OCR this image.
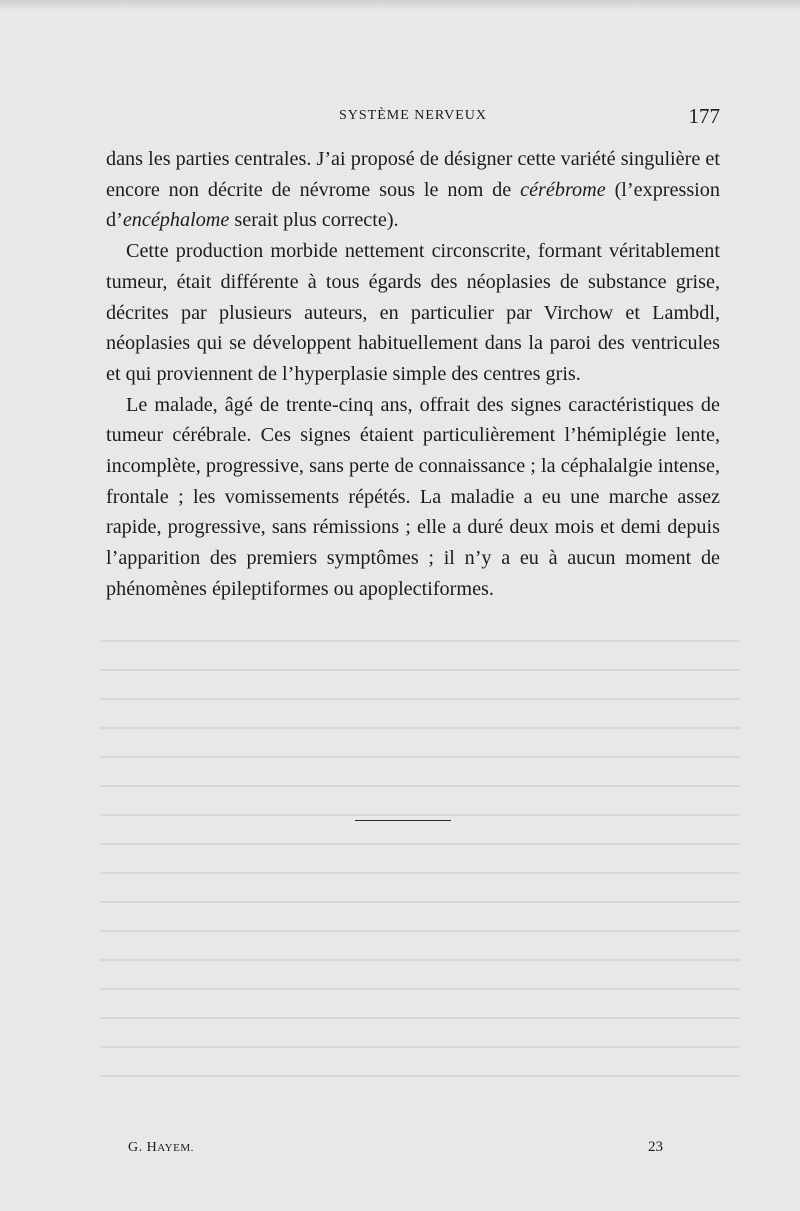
SYSTÈME NERVEUX	177

dans les parties centrales. J’ai proposé de désigner cette variété singulière et encore non décrite de névrome sous le nom de cérébrome (l’expression d’encéphalome serait plus correcte).

Cette production morbide nettement circonscrite, formant véritablement tumeur, était différente à tous égards des néoplasies de substance grise, décrites par plusieurs auteurs, en particulier par Virchow et Lambdl, néoplasies qui se développent habituellement dans la paroi des ventricules et qui proviennent de l’hyperplasie simple des centres gris.

Le malade, âgé de trente-cinq ans, offrait des signes caractéristiques de tumeur cérébrale. Ces signes étaient particulièrement l’hémiplégie lente, incomplète, progressive, sans perte de connaissance ; la céphalalgie intense, frontale ; les vomissements répétés. La maladie a eu une marche assez rapide, progressive, sans rémissions ; elle a duré deux mois et demi depuis l’apparition des premiers symptômes ; il n’y a eu à aucun moment de phénomènes épileptiformes ou apoplectiformes.

G. HAYEM.	23
